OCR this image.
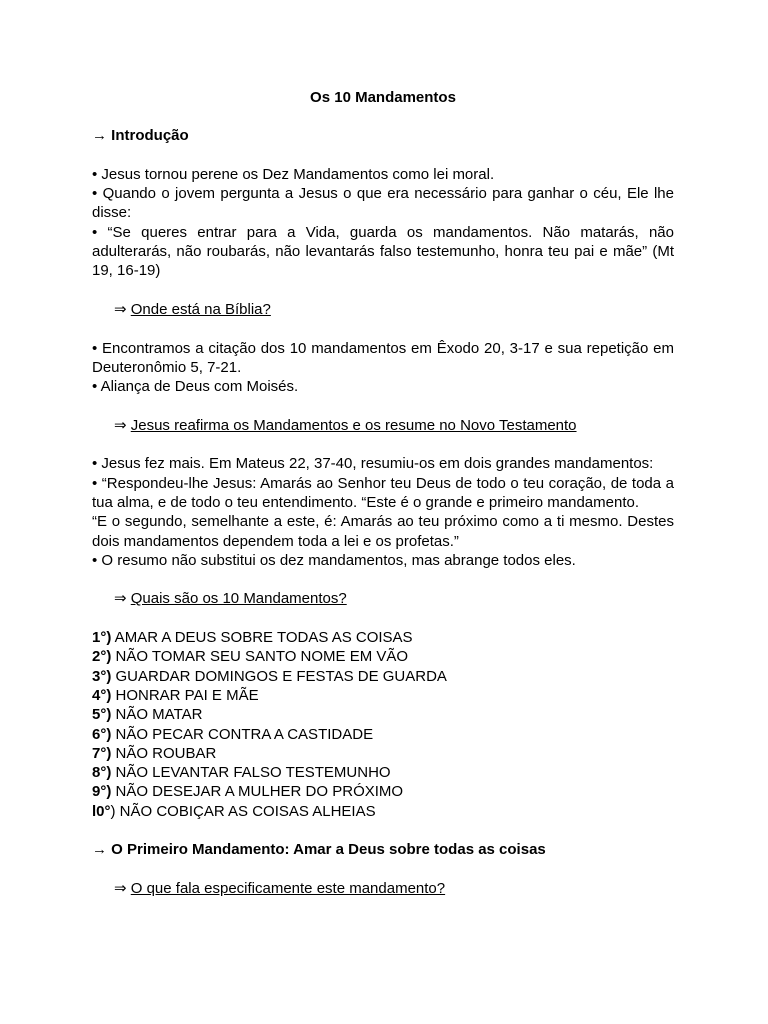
Os 10 Mandamentos
→ Introdução
• Jesus tornou perene os Dez Mandamentos como lei moral.
• Quando o jovem pergunta a Jesus o que era necessário para ganhar o céu, Ele lhe disse:
• “Se queres entrar para a Vida, guarda os mandamentos. Não matarás, não adulterarás, não roubarás, não levantarás falso testemunho, honra teu pai e mãe” (Mt 19, 16-19)
⇒ Onde está na Bíblia?
• Encontramos a citação dos 10 mandamentos em Êxodo 20, 3-17 e sua repetição em Deuteronômio 5, 7-21.
• Aliança de Deus com Moisés.
⇒ Jesus reafirma os Mandamentos e os resume no Novo Testamento
• Jesus fez mais. Em Mateus 22, 37-40, resumiu-os em dois grandes mandamentos:
• “Respondeu-lhe Jesus: Amarás ao Senhor teu Deus de todo o teu coração, de toda a tua alma, e de todo o teu entendimento. “Este é o grande e primeiro mandamento.
“E o segundo, semelhante a este, é: Amarás ao teu próximo como a ti mesmo. Destes dois mandamentos dependem toda a lei e os profetas.”
• O resumo não substitui os dez mandamentos, mas abrange todos eles.
⇒ Quais são os 10 Mandamentos?
1°) AMAR A DEUS SOBRE TODAS AS COISAS
2°) NÃO TOMAR SEU SANTO NOME EM VÃO
3°) GUARDAR DOMINGOS E FESTAS DE GUARDA
4°) HONRAR PAI E MÃE
5°) NÃO MATAR
6°) NÃO PECAR CONTRA A CASTIDADE
7°) NÃO ROUBAR
8°) NÃO LEVANTAR FALSO TESTEMUNHO
9°) NÃO DESEJAR A MULHER DO PRÓXIMO
l0°) NÃO COBIÇAR AS COISAS ALHEIAS
→ O Primeiro Mandamento: Amar a Deus sobre todas as coisas
⇒ O que fala especificamente este mandamento?
